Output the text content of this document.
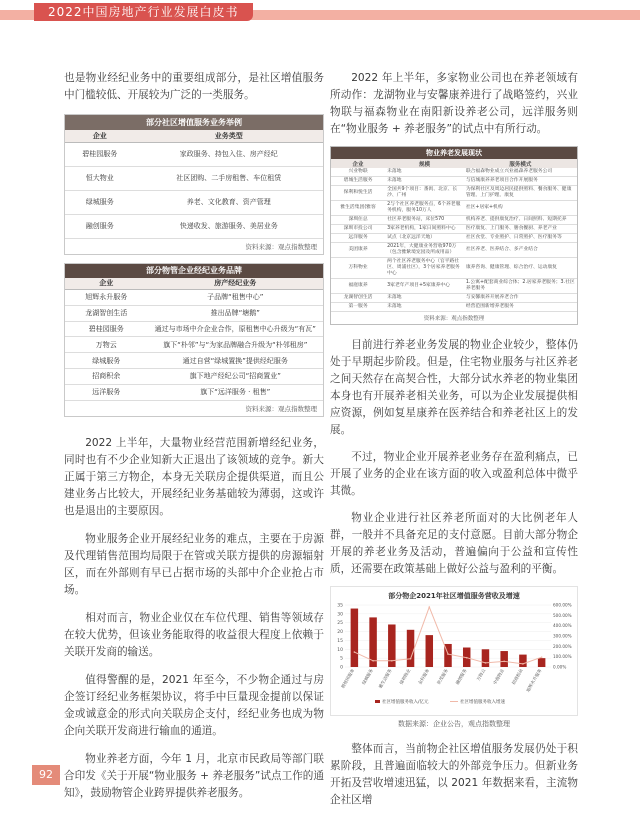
2022中国房地产行业发展白皮书

也是物业经纪业务中的重要组成部分，是社区增值服务中门槛较低、开展较为广泛的一类服务。

部分社区增值服务业务举例
企业	业务类型
碧桂园服务	家政服务、持包入住、房产经纪
恒大物业	社区团购、二手房租售、车位租赁
绿城服务	养老、文化教育、资产管理
融创服务	快递收发、旅游服务、美居业务
资料来源：观点指数整理
部分物管企业经纪业务品牌
企业	房产经纪业务
旭辉永升服务	子品牌“租售中心”
龙湖智创生活	推出品牌“塘鹅”
碧桂园服务	通过与市场中介企业合作，原租售中心升级为“有瓦”
万物云	旗下“朴邻”与“为家品牌融合升级为“朴邻租房”
绿城服务	通过自营“绿城置换”提供经纪服务
招商积余	旗下地产经纪公司“招商置业”
远洋服务	旗下“远洋服务 · 租售”
资料来源：观点指数整理

2022 上半年，大量物业经营范围新增经纪业务，同时也有不少企业知新大正退出了该领域的竞争。新大正属于第三方物企，本身无关联房企提供渠道，而且公建业务占比较大，开展经纪业务基础较为薄弱，这或许也是退出的主要原因。

物业服务企业开展经纪业务的难点，主要在于房源及代理销售范围均局限于在管或关联方提供的房源辐射区，而在外部则有早已占据市场的头部中介企业抢占市场。

相对而言，物业企业仅在车位代理、销售等领域存在较大优势，但该业务能取得的收益很大程度上依赖于关联开发商的输送。

值得警醒的是，2021 年至今，不少物企通过与房企签订经纪业务框架协议，将手中巨量现金提前以保证金或诚意金的形式向关联房企支付，经纪业务也成为物企向关联开发商进行输血的通道。

物业养老方面，今年 1 月，北京市民政局等部门联合印发《关于开展“物业服务 + 养老服务”试点工作的通知》，鼓励物管企业跨界提供养老服务。

2022 年上半年，多家物业公司也在养老领域有所动作：龙湖物业与安馨康养进行了战略签约，兴业物联与福森物业在南阳新设养老公司，远洋服务则在“物业服务 + 养老服务”的试点中有所行动。

物业养老发展现状
企业	规模	服务模式
兴业物联	未落地	联合福森物业成立兴业福森养老服务公司
碧城生活服务	未落地	与信城康养养老项目合作开展服务
保利和悦生活	全国共9个项目：番禺、北京、长沙、广州	为保利社区及周边居民提供照料、餐食服务、健康管理、上门护理、康复
雅生活集团(雅客	2与个社区养老服务点，6个养老服务机构，服务10万人	社区+居家+机构
深圳住总	社区养老服务站，床位570	机构养老、提供康复治疗、日间照料、短期托养
深圳市投公司	3家养老机构，1家日间照料中心	医疗康复、上门服务、膳食餐厨、养老产业
远洋服务	试点（北京远洋天地）	社区食堂、专业照护、日常照护、医疗服务等
美团康养	2021年，大健康业务营收970万（包含雅紫境宠园及所成用品）	社区养老、医养结合、多产业结合
万科物业	两个社区养老服务中心（官平路社区、周浦社区），3个居家养老服务中心	康养咨询、健康管理、综合治疗、运动康复
福庭康养	3家老年产项目+5家康养中心	1.公寓+配套商业综合体；2.居家养老服务；3.社区养老服务
龙湖智创生活	未落地	与安馨康养开展养老合作
第一服务	未落地	经营范围新增养老服务
资料来源：观点指数整理

目前进行养老业务发展的物业企业较少，整体仍处于早期起步阶段。但是，住宅物业服务与社区养老之间天然存在高契合性，大部分试水养老的物业集团本身也有开展养老相关业务，可以为企业发展提供相应资源，例如复星康养在医养结合和养老社区上的发展。

不过，物业企业开展养老业务存在盈利痛点，已开展了业务的企业在该方面的收入或盈利总体中微乎其微。

物业企业进行社区养老所面对的大比例老年人群，一般并不具备充足的支付意愿。目前大部分物企开展的养老业务及活动，普遍偏向于公益和宣传性质，还需要在政策基础上做好公益与盈利的平衡。

部分物企2021年社区增值服务营收及增速
0
5
10
15
20
25
30
35
0.00%
100.00%
200.00%
300.00%
400.00%
500.00%
600.00%
碧桂园服务	绿城服务 雅生活服务	保利物业	金科服务	世茂服务	融创服务	万物云	中海物业	招商积余 旭辉永升服务
社区增值服务收入/亿元	社区增值服务收入增速
数据来源：企业公告，观点指数整理

整体而言，当前物企社区增值服务发展仍处于积累阶段，且普遍面临较大的外部竞争压力。但新业务开拓及营收增速迅猛，以 2021 年数据来看，主流物企社区增

92
